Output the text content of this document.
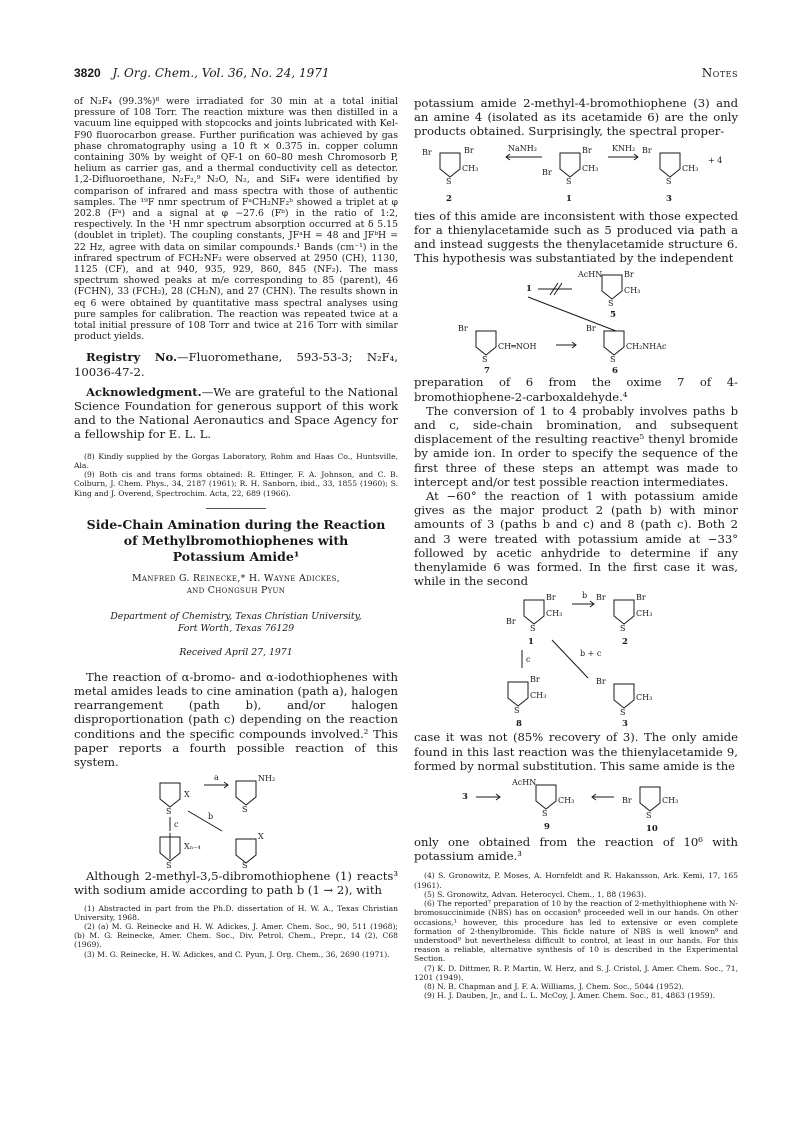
3820 J. Org. Chem., Vol. 36, No. 24, 1971	Notes

of N₂F₄ (99.3%)⁸ were irradiated for 30 min at a total initial pressure of 108 Torr. The reaction mixture was then distilled in a vacuum line equipped with stopcocks and joints lubricated with Kel-F90 fluorocarbon grease. Further purification was achieved by gas phase chromatography using a 10 ft × 0.375 in. copper column containing 30% by weight of QF-1 on 60–80 mesh Chromosorb P, helium as carrier gas, and a thermal conductivity cell as detector. 1,2-Difluoroethane, N₂F₂,⁹ N₂O, N₂, and SiF₄ were identified by comparison of infrared and mass spectra with those of authentic samples. The ¹⁹F nmr spectrum of FᵃCH₂NF₂ᵇ showed a triplet at φ 202.8 (Fᵃ) and a signal at φ −27.6 (Fᵇ) in the ratio of 1:2, respectively. In the ¹H nmr spectrum absorption occurred at δ 5.15 (doublet in triplet). The coupling constants, JFᵃH = 48 and JFᵇH = 22 Hz, agree with data on similar compounds.¹ Bands (cm⁻¹) in the infrared spectrum of FCH₂NF₂ were observed at 2950 (CH), 1130, 1125 (CF), and at 940, 935, 929, 860, 845 (NF₂). The mass spectrum showed peaks at m/e corresponding to 85 (parent), 46 (FCHN), 33 (FCH₂), 28 (CH₂N), and 27 (CHN). The results shown in eq 6 were obtained by quantitative mass spectral analyses using pure samples for calibration. The reaction was repeated twice at a total initial pressure of 108 Torr and twice at 216 Torr with similar product yields.

Registry No.—Fluoromethane, 593-53-3; N₂F₄, 10036-47-2.

Acknowledgment.—We are grateful to the National Science Foundation for generous support of this work and to the National Aeronautics and Space Agency for a fellowship for E. L. L.

(8) Kindly supplied by the Gorgas Laboratory, Rohm and Haas Co., Huntsville, Ala.

(9) Both cis and trans forms obtained: R. Ettinger, F. A. Johnson, and C. B. Colburn, J. Chem. Phys., 34, 2187 (1961); R. H. Sanborn, ibid., 33, 1855 (1960); S. King and J. Overend, Spectrochim. Acta, 22, 689 (1966).

Side-Chain Amination during the Reaction
of Methylbromothiophenes with
Potassium Amide¹
Manfred G. Reinecke,* H. Wayne Adickes,
and Chongsuh Pyun
Department of Chemistry, Texas Christian University,
Fort Worth, Texas 76129
Received April 27, 1971

The reaction of α-bromo- and α-iodothiophenes with metal amides leads to cine amination (path a), halogen rearrangement (path b), and/or halogen disproportionation (path c) depending on the reaction conditions and the specific compounds involved.² This paper reports a fourth possible reaction of this system.

S
X
a
S
NH₂
c
b
S
Xₙ₋₄
S
X

Although 2-methyl-3,5-dibromothiophene (1) reacts³ with sodium amide according to path b (1 → 2), with

(1) Abstracted in part from the Ph.D. dissertation of H. W. A., Texas Christian University, 1968.

(2) (a) M. G. Reinecke and H. W. Adickes, J. Amer. Chem. Soc., 90, 511 (1968); (b) M. G. Reinecke, Amer. Chem. Soc., Div. Petrol. Chem., Prepr., 14 (2), C68 (1969).

(3) M. G. Reinecke, H. W. Adickes, and C. Pyun, J. Org. Chem., 36, 2690 (1971).

potassium amide 2-methyl-4-bromothiophene (3) and an amine 4 (isolated as its acetamide 6) are the only products obtained. Surprisingly, the spectral proper-

Br	Br
S
CH₃
2
NaNH₂
Br
Br
S
CH₃
1
KNH₂ Br
S
CH₃
+ 4
3

ties of this amide are inconsistent with those expected for a thienylacetamide such as 5 produced via path a and instead suggests the thenylacetamide structure 6. This hypothesis was substantiated by the independent

1
AcHN	Br
CH₃
S
5
Br
S
CH═NOH
7
Br
S
CH₂NHAc
6

preparation of 6 from the oxime 7 of 4-bromothiophene-2-carboxaldehyde.⁴

The conversion of 1 to 4 probably involves paths b and c, side-chain bromination, and subsequent displacement of the resulting reactive⁵ thenyl bromide by amide ion. In order to specify the sequence of the first three of these steps an attempt was made to intercept and/or test possible reaction intermediates.

At −60° the reaction of 1 with potassium amide gives as the major product 2 (path b) with minor amounts of 3 (paths b and c) and 8 (path c). Both 2 and 3 were treated with potassium amide at −33° followed by acetic anhydride to determine if any thenylamide 6 was formed. In the first case it was, while in the second

Br
Br
S
CH₃
1
b Br	Br
S
CH₃
2
c
b + c
Br
S
CH₃
8
Br
S
CH₃
3

case it was not (85% recovery of 3). The only amide found in this last reaction was the thienylacetamide 9, formed by normal substitution. This same amide is the

3
AcHN
S
CH₃
9
Br
S
CH₃
10

only one obtained from the reaction of 10⁶ with potassium amide.³

(4) S. Gronowitz, P. Moses, A. Hornfeldt and R. Hakansson, Ark. Kemi, 17, 165 (1961).

(5) S. Gronowitz, Advan. Heterocycl. Chem., 1, 88 (1963).

(6) The reported⁷ preparation of 10 by the reaction of 2-methylthiophene with N-bromosuccinimide (NBS) has on occasion⁸ proceeded well in our hands. On other occasions,¹ however, this procedure has led to extensive or even complete formation of 2-thenylbromide. This fickle nature of NBS is well known⁸ and understood⁹ but nevertheless difficult to control, at least in our hands. For this reason a reliable, alternative synthesis of 10 is described in the Experimental Section.

(7) K. D. Dittmer, R. P. Martin, W. Herz, and S. J. Cristol, J. Amer. Chem. Soc., 71, 1201 (1949).

(8) N. B. Chapman and J. F. A. Williams, J. Chem. Soc., 5044 (1952).

(9) H. J. Dauben, Jr., and L. L. McCoy, J. Amer. Chem. Soc., 81, 4863 (1959).
